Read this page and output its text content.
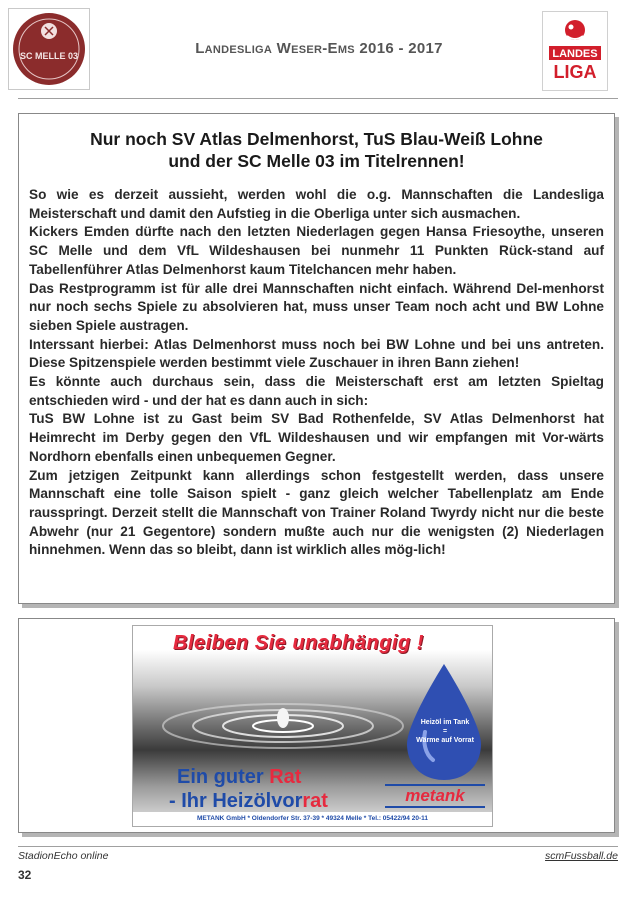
SC MELLE 03	Landesliga Weser-Ems 2016 - 2017	LANDES
LIGA
Nur noch SV Atlas Delmenhorst, TuS Blau-Weiß Lohne
und der SC Melle 03 im Titelrennen!

So wie es derzeit aussieht, werden wohl die o.g. Mannschaften die Landesliga Meisterschaft und damit den Aufstieg in die Oberliga unter sich ausmachen.

Kickers Emden dürfte nach den letzten Niederlagen gegen Hansa Friesoythe, unseren SC Melle und dem VfL Wildeshausen bei nunmehr 11 Punkten Rück-stand auf Tabellenführer Atlas Delmenhorst kaum Titelchancen mehr haben.

Das Restprogramm ist für alle drei Mannschaften nicht einfach. Während Del-menhorst nur noch sechs Spiele zu absolvieren hat, muss unser Team noch acht und BW Lohne sieben Spiele austragen.

Interssant hierbei: Atlas Delmenhorst muss noch bei BW Lohne und bei uns antreten. Diese Spitzenspiele werden bestimmt viele Zuschauer in ihren Bann ziehen!

Es könnte auch durchaus sein, dass die Meisterschaft erst am letzten Spieltag entschieden wird - und der hat es dann auch in sich:

TuS BW Lohne ist zu Gast beim SV Bad Rothenfelde, SV Atlas Delmenhorst hat Heimrecht im Derby gegen den VfL Wildeshausen und wir empfangen mit Vor-wärts Nordhorn ebenfalls einen unbequemen Gegner.

Zum jetzigen Zeitpunkt kann allerdings schon festgestellt werden, dass unsere Mannschaft eine tolle Saison spielt - ganz gleich welcher Tabellenplatz am Ende rausspringt. Derzeit stellt die Mannschaft von Trainer Roland Twyrdy nicht nur die beste Abwehr (nur 21 Gegentore) sondern mußte auch nur die wenigsten (2) Niederlagen hinnehmen. Wenn das so bleibt, dann ist wirklich alles mög-lich!

Bleiben Sie unabhängig !
Heizöl im Tank
=
Wärme auf Vorrat
Ein guter Rat
- Ihr Heizölvorrat	metank
METANK GmbH * Oldendorfer Str. 37-39 * 49324 Melle * Tel.: 05422/94 20-11
StadionEcho online	scmFussball.de
32
